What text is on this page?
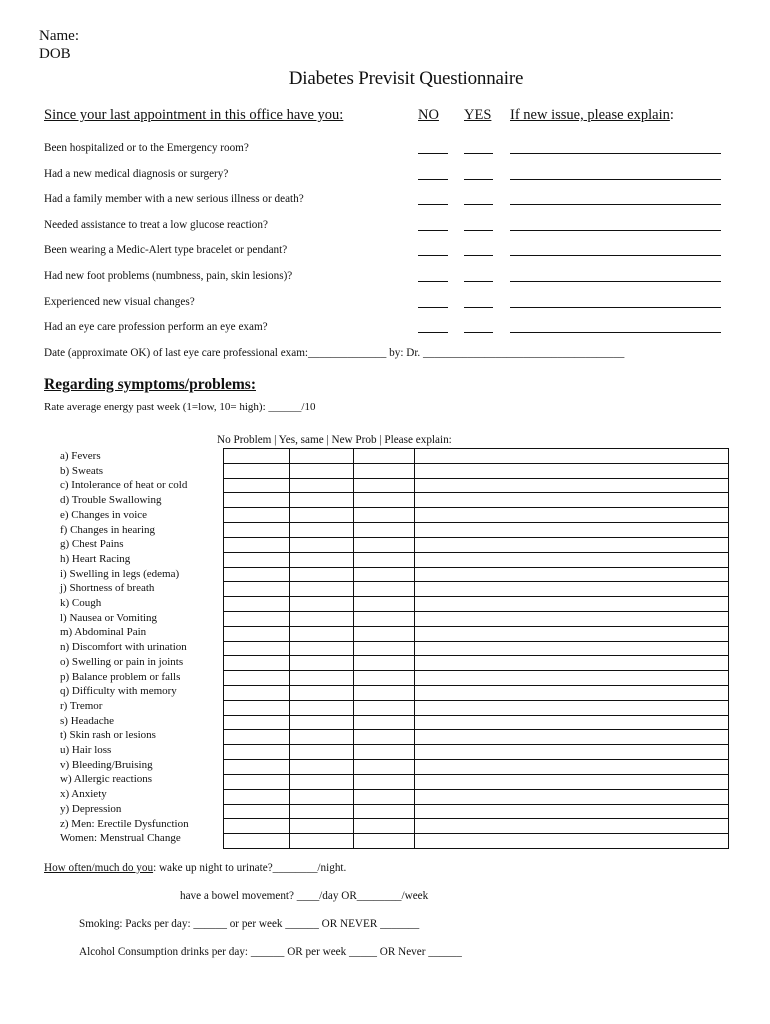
Name:
DOB
Diabetes Previsit Questionnaire
Since your last appointment in this office have you:	NO YES If new issue, please explain:
Been hospitalized or to the Emergency room?
Had a new medical diagnosis or surgery?
Had a family member with a new serious illness or death?
Needed assistance to treat a low glucose reaction?
Been wearing a Medic-Alert type bracelet or pendant?
Had new foot problems (numbness, pain, skin lesions)?
Experienced new visual changes?
Had an eye care profession perform an eye exam?
Date (approximate OK) of last eye care professional exam:______________ by: Dr. ____________________________________
Regarding symptoms/problems:
Rate average energy past week (1=low, 10= high): ______/10
No Problem | Yes, same | New Prob | Please explain:
a) Fevers
b) Sweats
c) Intolerance of heat or cold
d) Trouble Swallowing
e) Changes in voice
f) Changes in hearing
g) Chest Pains
h) Heart Racing
i) Swelling in legs (edema)
j) Shortness of breath
k) Cough
l) Nausea or Vomiting
m) Abdominal Pain
n) Discomfort with urination
o) Swelling or pain in joints
p) Balance problem or falls
q) Difficulty with memory
r) Tremor
s) Headache
t) Skin rash or lesions
u) Hair loss
v) Bleeding/Bruising
w) Allergic reactions
x) Anxiety
y) Depression
z) Men: Erectile Dysfunction
Women: Menstrual Change

How often/much do you: wake up night to urinate?________/night.
have a bowel movement? ____/day OR________/week
Smoking: Packs per day: ______ or per week ______ OR NEVER _______
Alcohol Consumption drinks per day: ______ OR per week _____ OR Never ______
